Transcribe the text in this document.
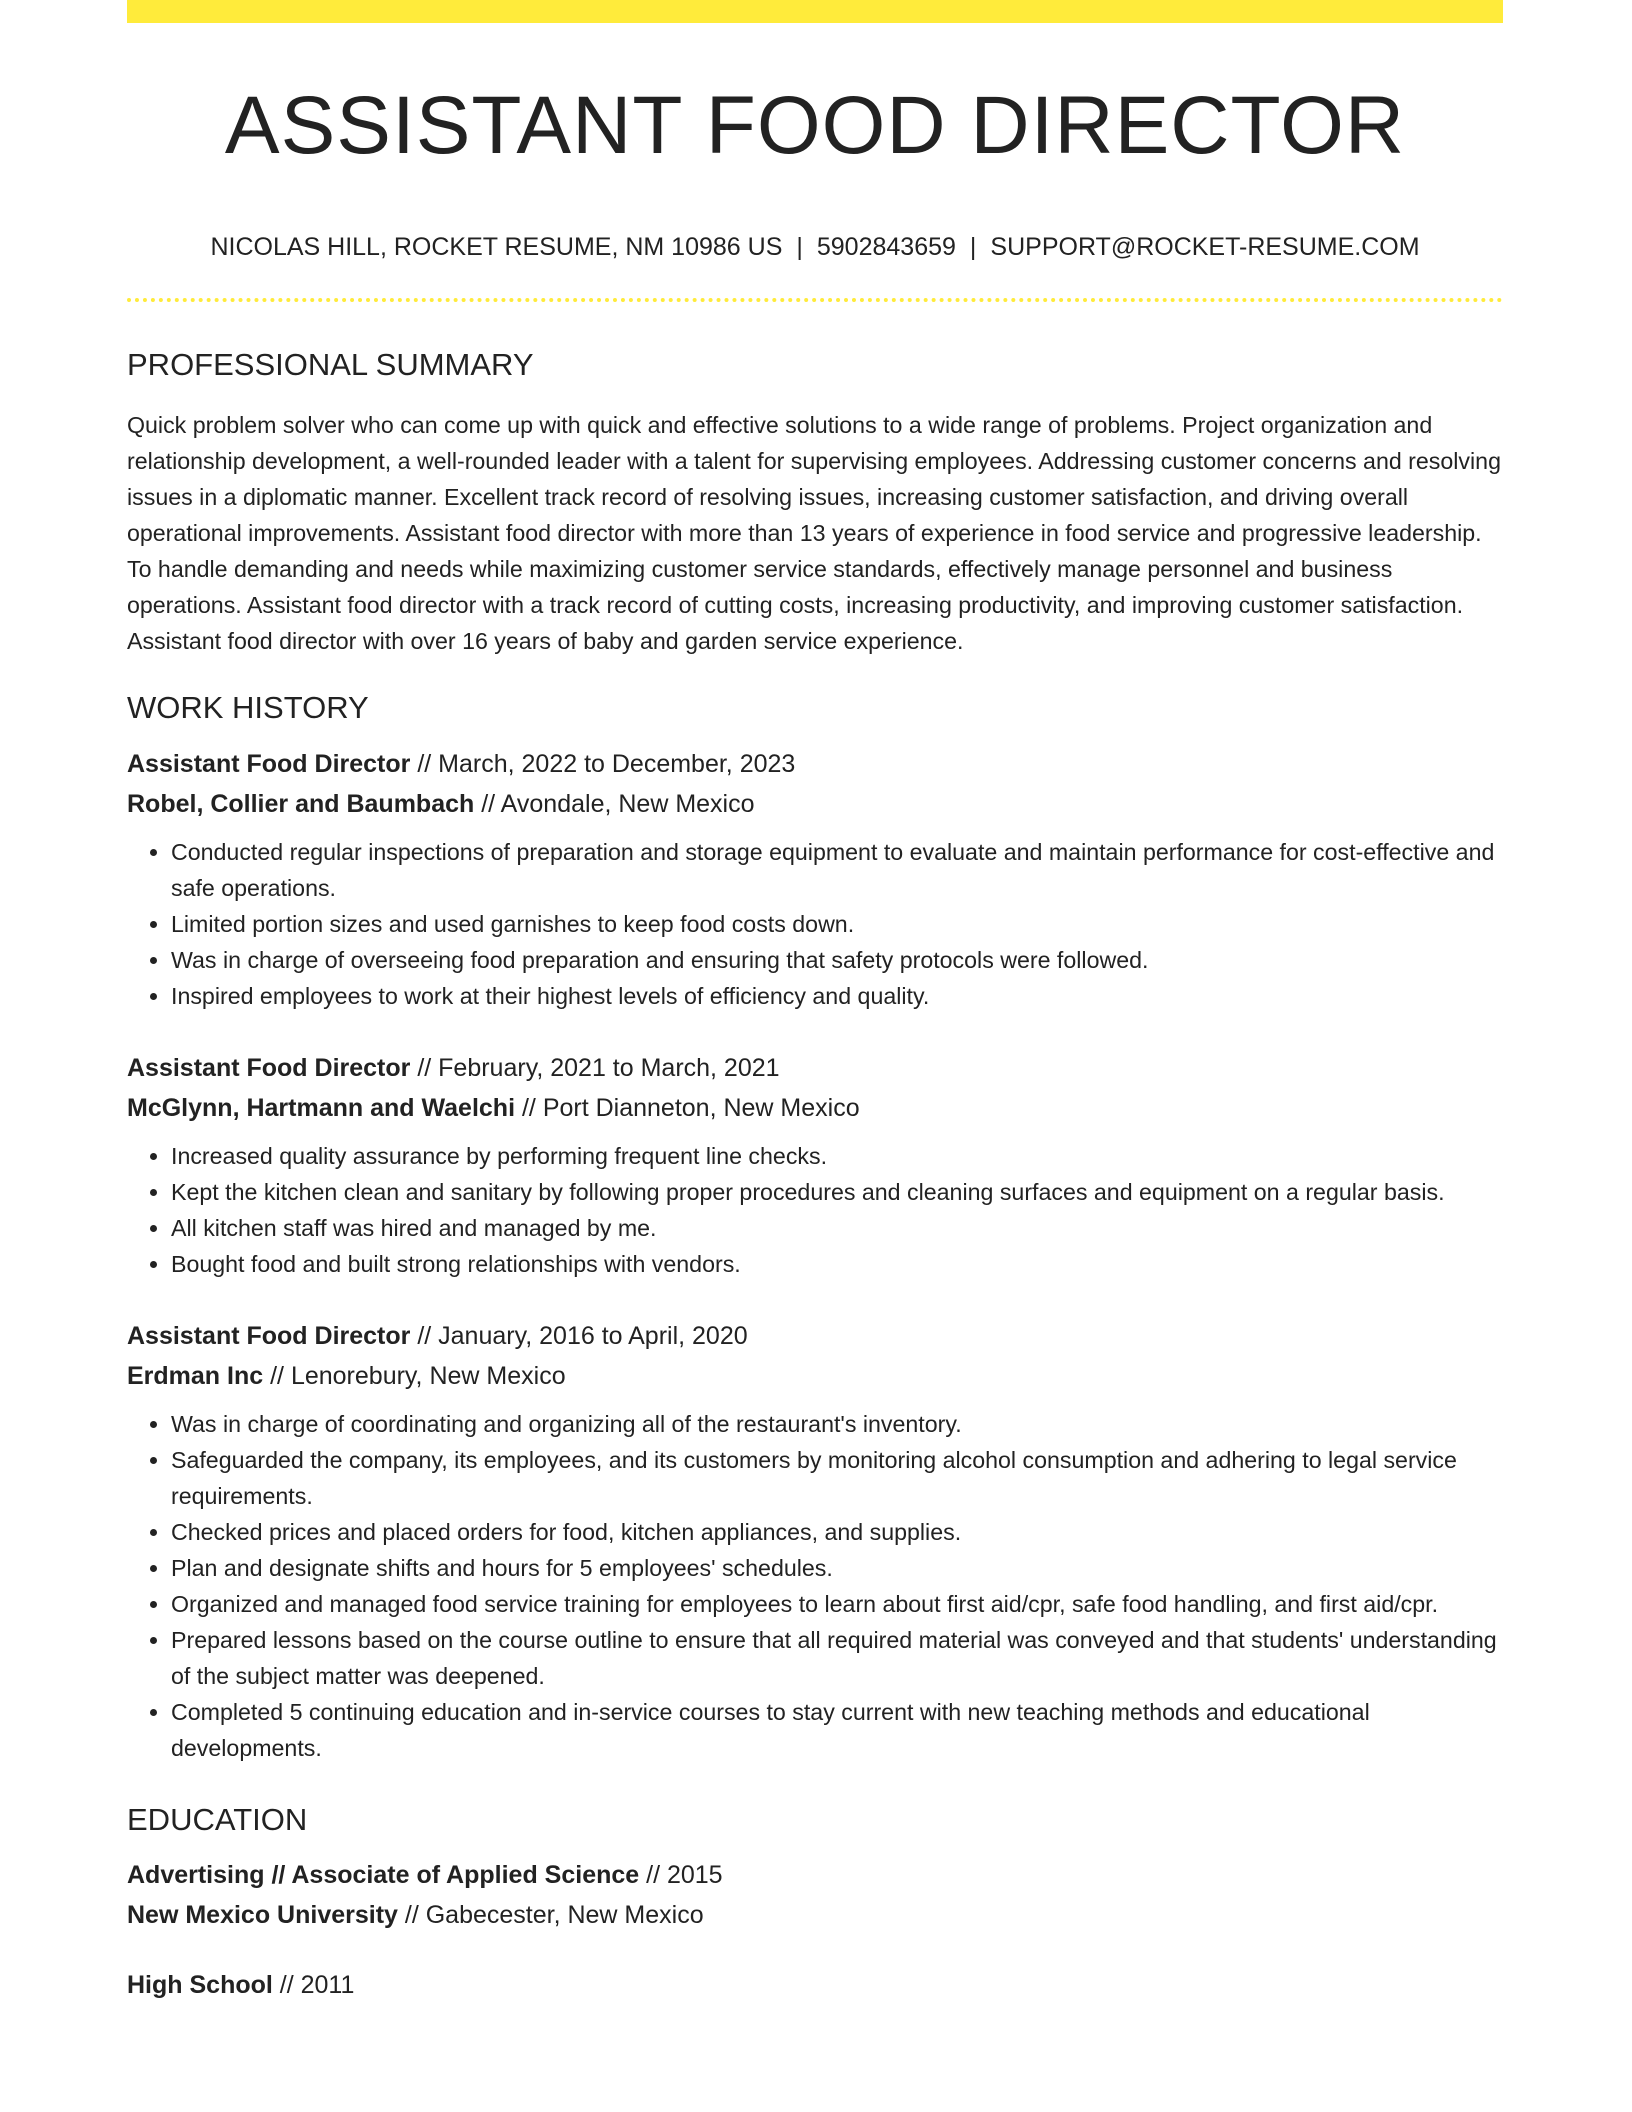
ASSISTANT FOOD DIRECTOR
NICOLAS HILL, ROCKET RESUME, NM 10986 US | 5902843659 | SUPPORT@ROCKET-RESUME.COM
PROFESSIONAL SUMMARY

Quick problem solver who can come up with quick and effective solutions to a wide range of problems. Project organization and relationship development, a well-rounded leader with a talent for supervising employees. Addressing customer concerns and resolving issues in a diplomatic manner. Excellent track record of resolving issues, increasing customer satisfaction, and driving overall operational improvements. Assistant food director with more than 13 years of experience in food service and progressive leadership. To handle demanding and needs while maximizing customer service standards, effectively manage personnel and business operations. Assistant food director with a track record of cutting costs, increasing productivity, and improving customer satisfaction. Assistant food director with over 16 years of baby and garden service experience.

WORK HISTORY
Assistant Food Director // March, 2022 to December, 2023
Robel, Collier and Baumbach // Avondale, New Mexico
• Conducted regular inspections of preparation and storage equipment to evaluate and maintain performance for cost-effective and safe operations.
• Limited portion sizes and used garnishes to keep food costs down.
• Was in charge of overseeing food preparation and ensuring that safety protocols were followed.
• Inspired employees to work at their highest levels of efficiency and quality.
Assistant Food Director // February, 2021 to March, 2021
McGlynn, Hartmann and Waelchi // Port Dianneton, New Mexico
• Increased quality assurance by performing frequent line checks.
• Kept the kitchen clean and sanitary by following proper procedures and cleaning surfaces and equipment on a regular basis.
• All kitchen staff was hired and managed by me.
• Bought food and built strong relationships with vendors.
Assistant Food Director // January, 2016 to April, 2020
Erdman Inc // Lenorebury, New Mexico
• Was in charge of coordinating and organizing all of the restaurant's inventory.
• Safeguarded the company, its employees, and its customers by monitoring alcohol consumption and adhering to legal service requirements.
• Checked prices and placed orders for food, kitchen appliances, and supplies.
• Plan and designate shifts and hours for 5 employees' schedules.
• Organized and managed food service training for employees to learn about first aid/cpr, safe food handling, and first aid/cpr.
• Prepared lessons based on the course outline to ensure that all required material was conveyed and that students' understanding of the subject matter was deepened.
• Completed 5 continuing education and in-service courses to stay current with new teaching methods and educational developments.
EDUCATION
Advertising // Associate of Applied Science // 2015
New Mexico University // Gabecester, New Mexico
High School // 2011
